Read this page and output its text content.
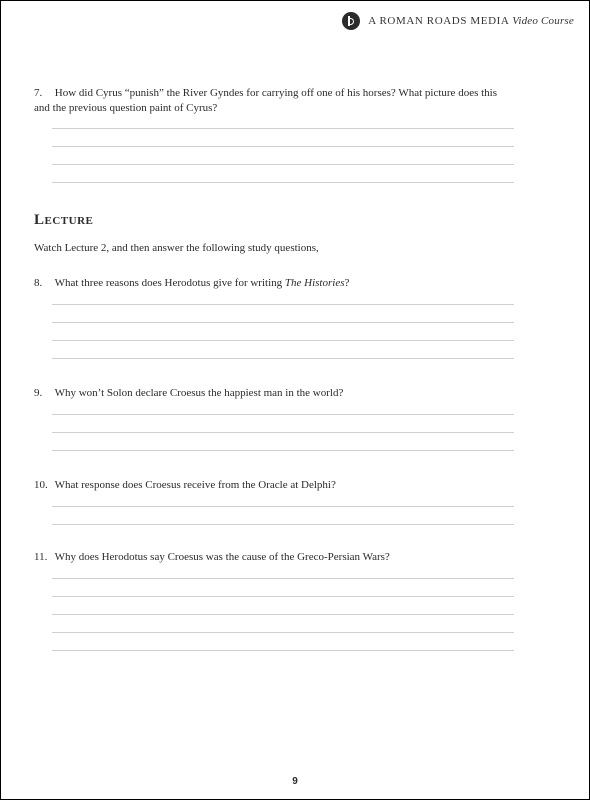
A ROMAN ROADS MEDIA Video Course
7. How did Cyrus “punish” the River Gyndes for carrying off one of his horses? What picture does this and the previous question paint of Cyrus?
Lecture
Watch Lecture 2, and then answer the following study questions,
8. What three reasons does Herodotus give for writing The Histories?
9. Why won’t Solon declare Croesus the happiest man in the world?
10. What response does Croesus receive from the Oracle at Delphi?
11. Why does Herodotus say Croesus was the cause of the Greco-Persian Wars?
9
